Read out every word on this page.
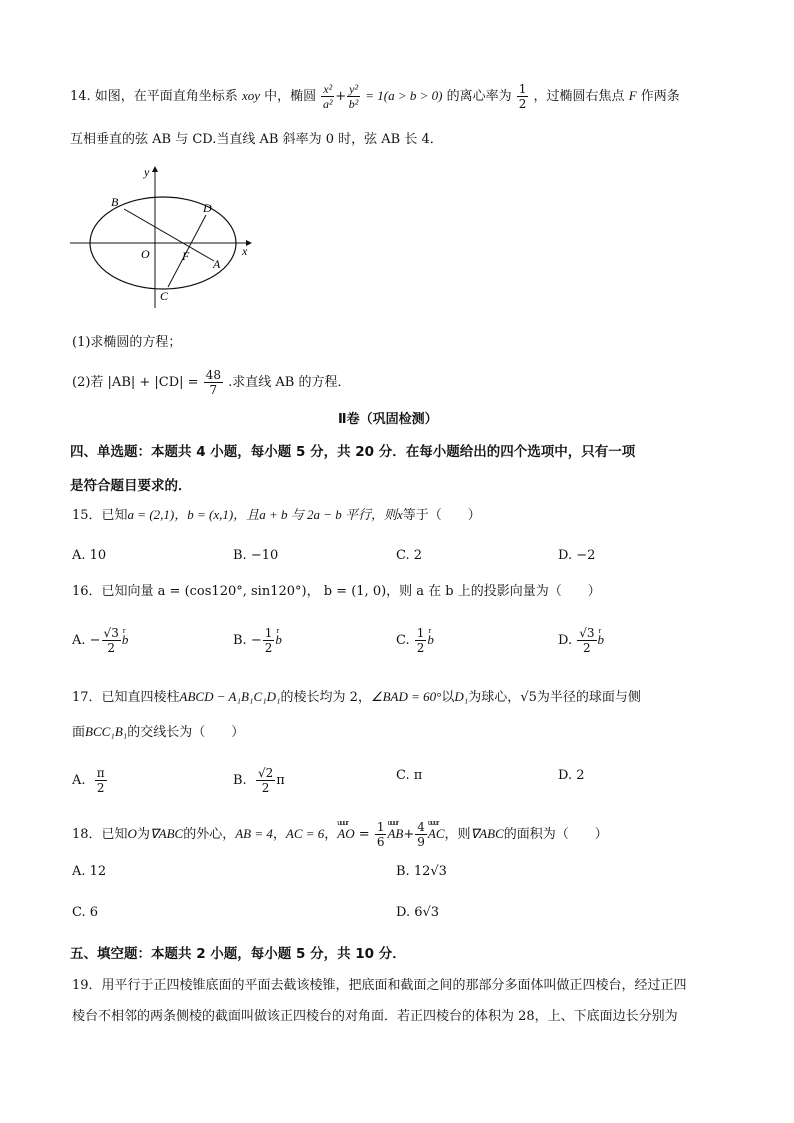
14. 如图，在平面直角坐标系 xoy 中，椭圆 $\frac{\text{x²}}{\text{a²}} + \frac{\text{y²}}{\text{b²}} = 1(a > b > 0)$ 的离心率为 $\frac{1}{2}$ ，过椭圆右焦点 F 作两条
互相垂直的弦 AB 与 CD.当直线 AB 斜率为 0 时，弦 AB 长 4．
y
x
O	F
A
B
C
D
(1)求椭圆的方程；
(2)若 $|AB| + |CD| = \frac{48}{7}$ .求直线 AB 的方程．
Ⅱ卷（巩固检测）
四、单选题：本题共 4 小题，每小题 5 分，共 20 分．在每小题给出的四个选项中，只有一项
是符合题目要求的．
15．已知a = (2,1)，b = (x,1)，且a + b 与 2a − b 平行，则x等于（　　）
A. 10	B. −10	C. 2	D. −2
16．已知向量 a = (cos120°, sin120°)， b = (1, 0)，则 a 在 b 上的投影向量为（　　）
A. − $\frac{√3}{2}$ r b	B. − $\frac{1}{2}$ r b	C. $\frac{1}{2}$ r b	D. $\frac{√3}{2}$ r b
17．已知直四棱柱ABCD − A₁B₁C₁D₁的棱长均为 2，∠BAD = 60°以D₁为球心，√5为半径的球面与侧
面BCC₁B₁的交线长为（　　）
A. $\frac{\pi}{2}$	B. $\frac{√2}{2}$ π	C. π	D. 2
18．已知O为∇ABC的外心，AB = 4，AC = 6，uuur AO = $\frac{1}{6}$ uuur $AB+ \frac{4}{9}$ uuur AC，则∇ABC的面积为（　　）
A. 12	B. 12√3
C. 6	D. 6√3
五、填空题：本题共 2 小题，每小题 5 分，共 10 分．
19．用平行于正四棱锥底面的平面去截该棱锥，把底面和截面之间的那部分多面体叫做正四棱台，经过正四
棱台不相邻的两条侧棱的截面叫做该正四棱台的对角面．若正四棱台的体积为 28，上、下底面边长分别为
